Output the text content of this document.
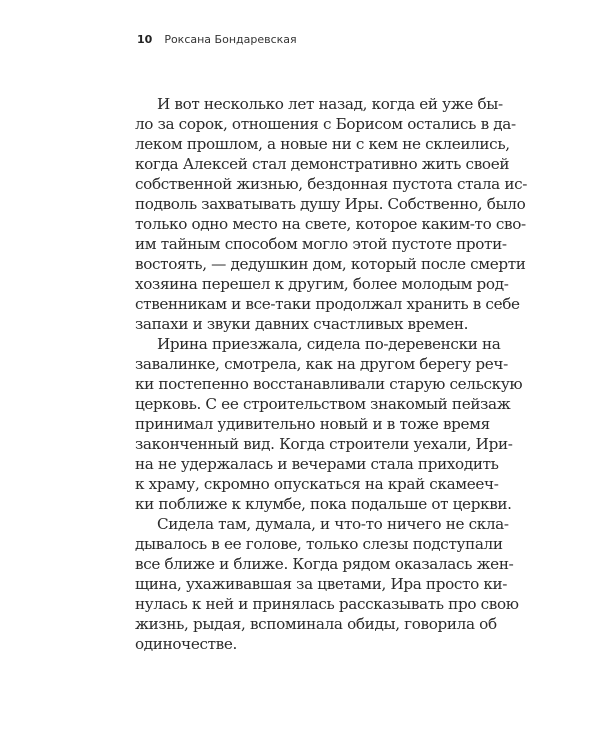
10 Роксана Бондаревская
И вот несколько лет назад, когда ей уже бы-
ло за сорок, отношения с Борисом остались в да-
леком прошлом, а новые ни с кем не склеились,
когда Алексей стал демонстративно жить своей
собственной жизнью, бездонная пустота стала ис-
подволь захватывать душу Иры. Собственно, было
только одно место на свете, которое каким-то сво-
им тайным способом могло этой пустоте проти-
востоять, — дедушкин дом, который после смерти
хозяина перешел к другим, более молодым род-
ственникам и все-таки продолжал хранить в себе
запахи и звуки давних счастливых времен.
Ирина приезжала, сидела по-деревенски на
завалинке, смотрела, как на другом берегу реч-
ки постепенно восстанавливали старую сельскую
церковь. С ее строительством знакомый пейзаж
принимал удивительно новый и в тоже время
законченный вид. Когда строители уехали, Ири-
на не удержалась и вечерами стала приходить
к храму, скромно опускаться на край скамееч-
ки поближе к клумбе, пока подальше от церкви.
Сидела там, думала, и что-то ничего не скла-
дывалось в ее голове, только слезы подступали
все ближе и ближе. Когда рядом оказалась жен-
щина, ухаживавшая за цветами, Ира просто ки-
нулась к ней и принялась рассказывать про свою
жизнь, рыдая, вспоминала обиды, говорила об
одиночестве.
